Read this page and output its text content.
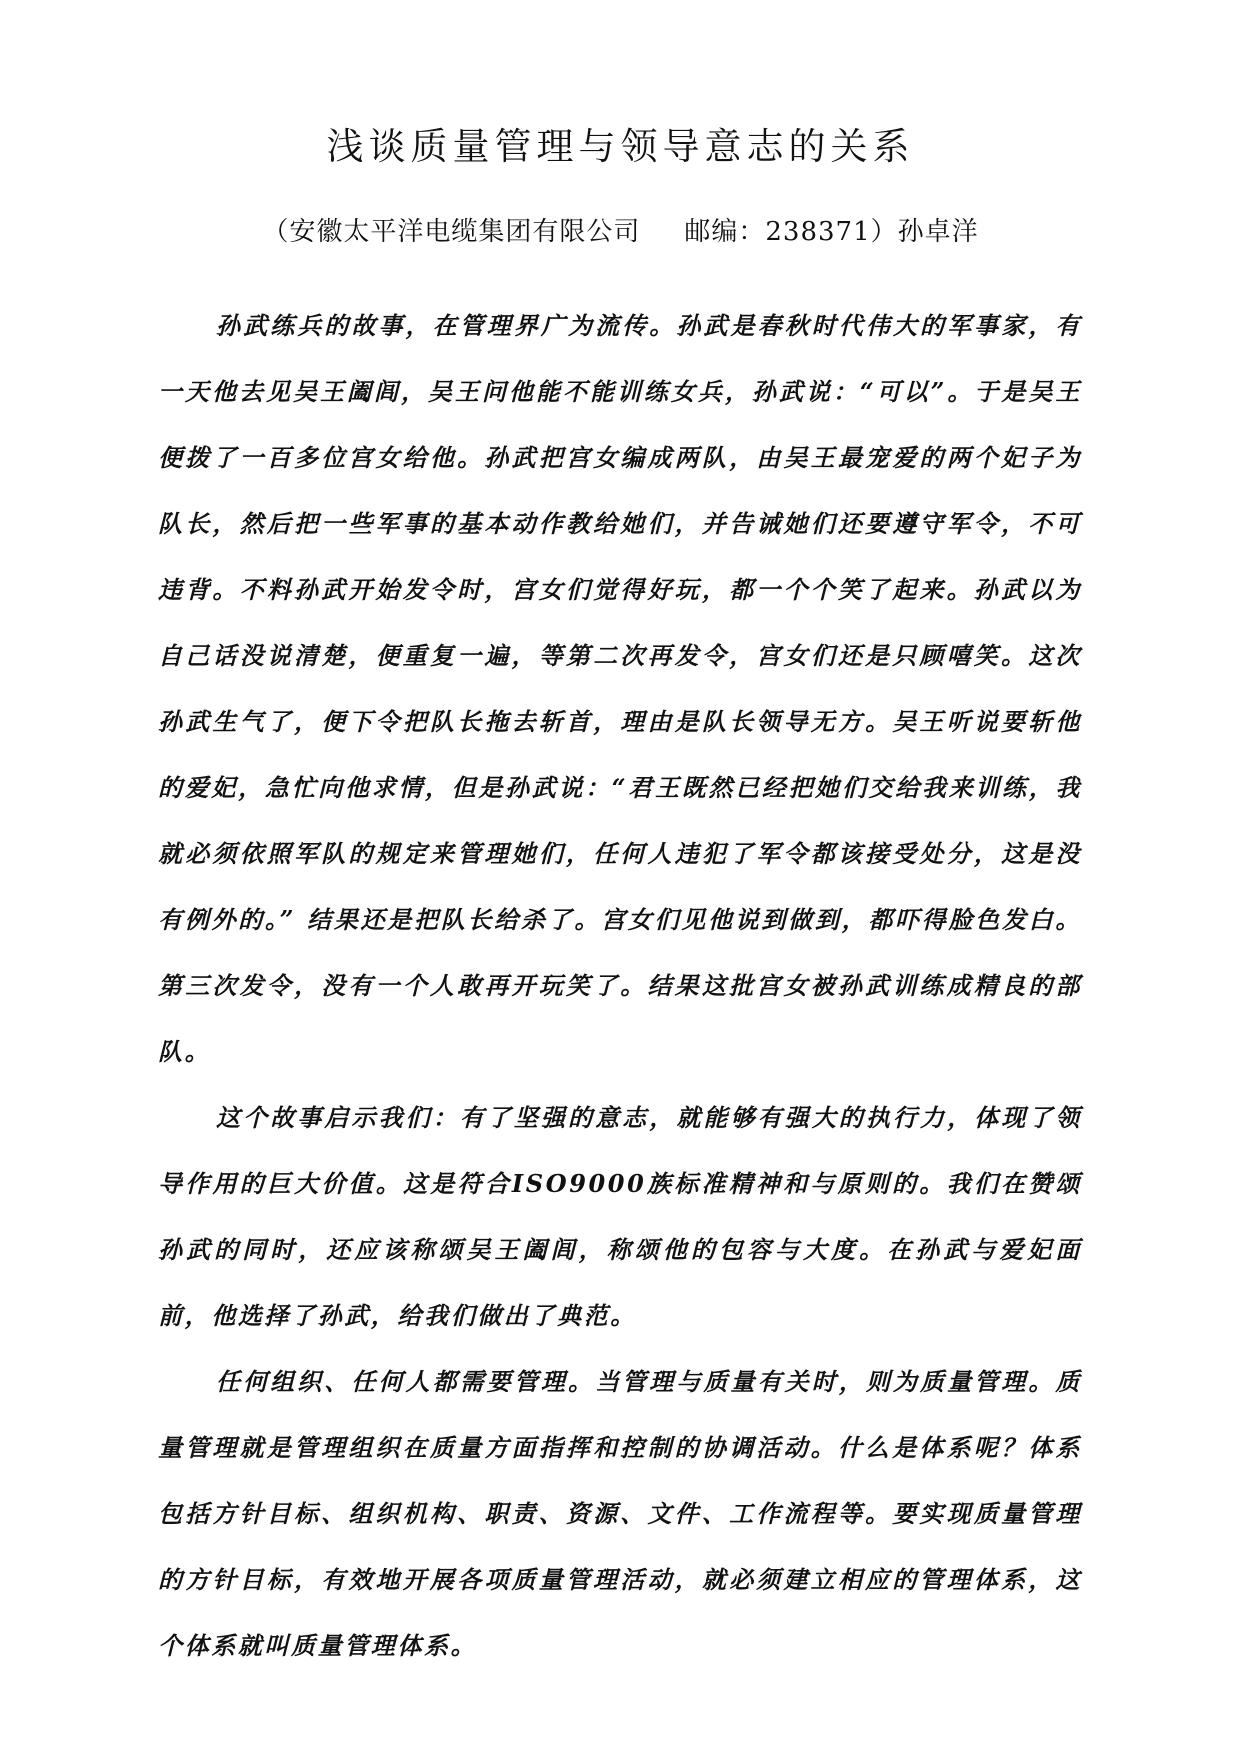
浅谈质量管理与领导意志的关系
（安徽太平洋电缆集团有限公司 邮编：238371）孙卓洋

孙武练兵的故事，在管理界广为流传。孙武是春秋时代伟大的军事家，有一天他去见吴王阖闾，吴王问他能不能训练女兵，孙武说：“可以”。于是吴王便拨了一百多位宫女给他。孙武把宫女编成两队，由吴王最宠爱的两个妃子为队长，然后把一些军事的基本动作教给她们，并告诫她们还要遵守军令，不可违背。不料孙武开始发令时，宫女们觉得好玩，都一个个笑了起来。孙武以为自己话没说清楚，便重复一遍，等第二次再发令，宫女们还是只顾嘻笑。这次孙武生气了，便下令把队长拖去斩首，理由是队长领导无方。吴王听说要斩他的爱妃，急忙向他求情，但是孙武说：“君王既然已经把她们交给我来训练，我就必须依照军队的规定来管理她们，任何人违犯了军令都该接受处分，这是没有例外的。” 结果还是把队长给杀了。宫女们见他说到做到，都吓得脸色发白。第三次发令，没有一个人敢再开玩笑了。结果这批宫女被孙武训练成精良的部队。

这个故事启示我们：有了坚强的意志，就能够有强大的执行力，体现了领导作用的巨大价值。这是符合ISO9000族标准精神和与原则的。我们在赞颂孙武的同时，还应该称颂吴王阖闾，称颂他的包容与大度。在孙武与爱妃面前，他选择了孙武，给我们做出了典范。

任何组织、任何人都需要管理。当管理与质量有关时，则为质量管理。质量管理就是管理组织在质量方面指挥和控制的协调活动。什么是体系呢？体系包括方针目标、组织机构、职责、资源、文件、工作流程等。要实现质量管理的方针目标，有效地开展各项质量管理活动，就必须建立相应的管理体系，这个体系就叫质量管理体系。
